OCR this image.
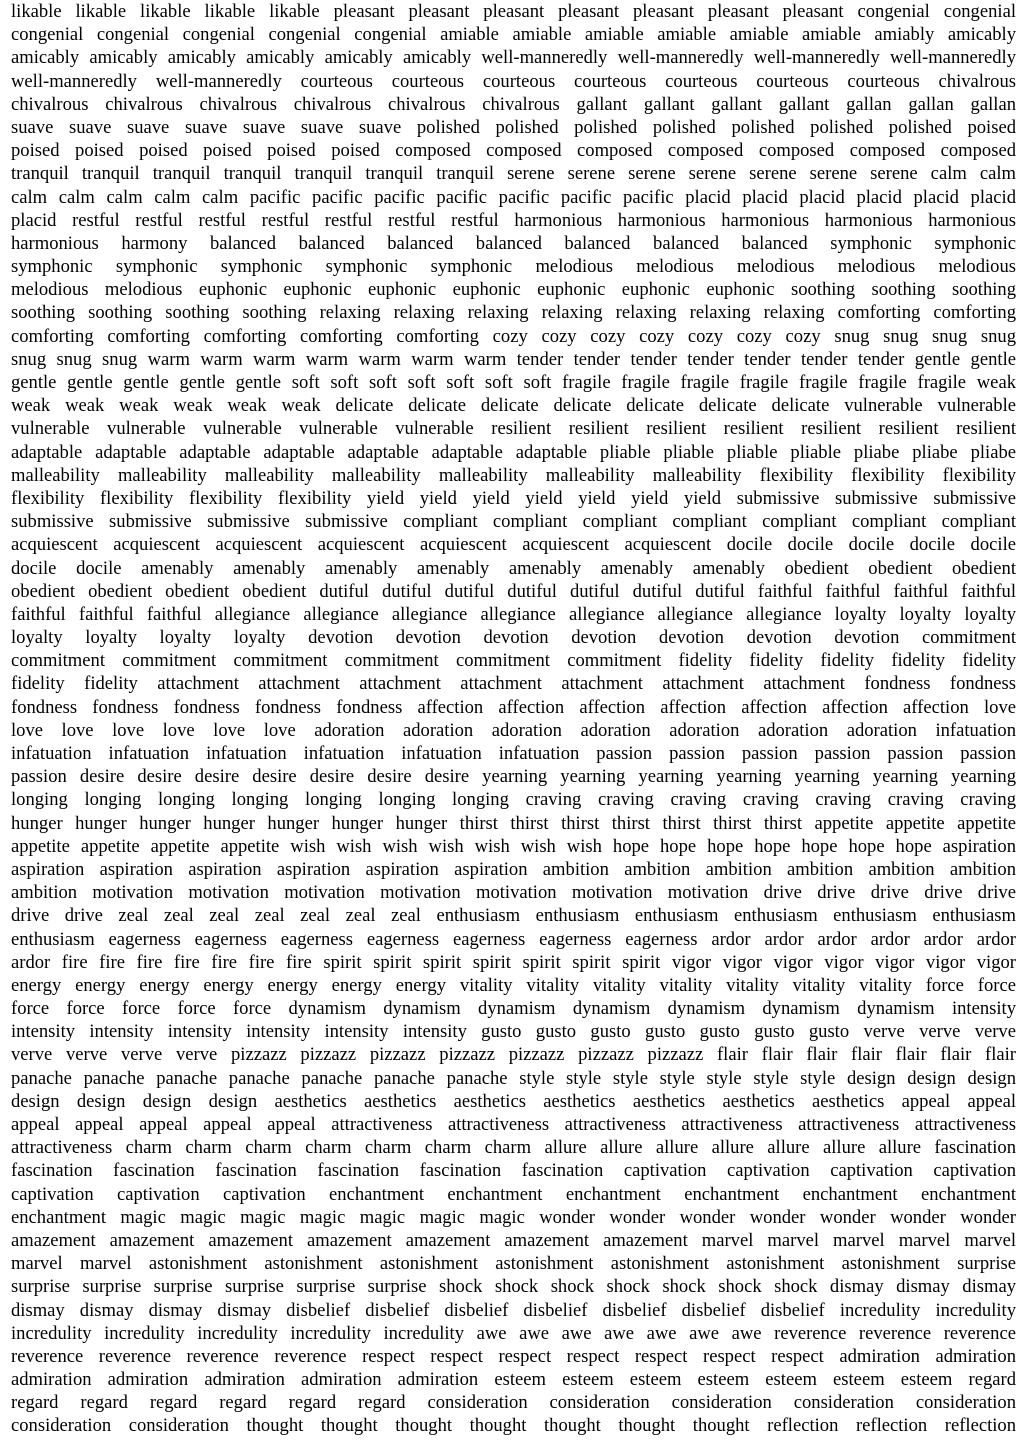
likable likable likable likable likable pleasant pleasant pleasant pleasant pleasant pleasant pleasant congenial congenial
congenial congenial congenial congenial congenial amiable amiable amiable amiable amiable amiable amiably amicably
amicably amicably amicably amicably amicably amicably well-manneredly well-manneredly well-manneredly well-manneredly
well-manneredly well-manneredly courteous courteous courteous courteous courteous courteous courteous chivalrous
chivalrous chivalrous chivalrous chivalrous chivalrous chivalrous gallant gallant gallant gallant gallan gallan gallan
suave suave suave suave suave suave suave polished polished polished polished polished polished polished poised
poised poised poised poised poised poised composed composed composed composed composed composed composed
tranquil tranquil tranquil tranquil tranquil tranquil tranquil serene serene serene serene serene serene serene calm calm
calm calm calm calm calm pacific pacific pacific pacific pacific pacific pacific placid placid placid placid placid placid
placid restful restful restful restful restful restful restful harmonious harmonious harmonious harmonious harmonious
harmonious harmony balanced balanced balanced balanced balanced balanced balanced symphonic symphonic
symphonic symphonic symphonic symphonic symphonic melodious melodious melodious melodious melodious
melodious melodious euphonic euphonic euphonic euphonic euphonic euphonic euphonic soothing soothing soothing
soothing soothing soothing soothing relaxing relaxing relaxing relaxing relaxing relaxing relaxing comforting comforting
comforting comforting comforting comforting comforting cozy cozy cozy cozy cozy cozy cozy snug snug snug snug
snug snug snug warm warm warm warm warm warm warm tender tender tender tender tender tender tender gentle gentle
gentle gentle gentle gentle gentle soft soft soft soft soft soft soft fragile fragile fragile fragile fragile fragile fragile weak
weak weak weak weak weak weak delicate delicate delicate delicate delicate delicate delicate vulnerable vulnerable
vulnerable vulnerable vulnerable vulnerable vulnerable resilient resilient resilient resilient resilient resilient resilient
adaptable adaptable adaptable adaptable adaptable adaptable adaptable pliable pliable pliable pliable pliabe pliabe pliabe
malleability malleability malleability malleability malleability malleability malleability flexibility flexibility flexibility
flexibility flexibility flexibility flexibility yield yield yield yield yield yield yield submissive submissive submissive
submissive submissive submissive submissive compliant compliant compliant compliant compliant compliant compliant
acquiescent acquiescent acquiescent acquiescent acquiescent acquiescent acquiescent docile docile docile docile docile
docile docile amenably amenably amenably amenably amenably amenably amenably obedient obedient obedient
obedient obedient obedient obedient dutiful dutiful dutiful dutiful dutiful dutiful dutiful faithful faithful faithful faithful
faithful faithful faithful allegiance allegiance allegiance allegiance allegiance allegiance allegiance loyalty loyalty loyalty
loyalty loyalty loyalty loyalty devotion devotion devotion devotion devotion devotion devotion commitment
commitment commitment commitment commitment commitment commitment fidelity fidelity fidelity fidelity fidelity
fidelity fidelity attachment attachment attachment attachment attachment attachment attachment fondness fondness
fondness fondness fondness fondness fondness affection affection affection affection affection affection affection love
love love love love love love adoration adoration adoration adoration adoration adoration adoration infatuation
infatuation infatuation infatuation infatuation infatuation infatuation passion passion passion passion passion passion
passion desire desire desire desire desire desire desire yearning yearning yearning yearning yearning yearning yearning
longing longing longing longing longing longing longing craving craving craving craving craving craving craving
hunger hunger hunger hunger hunger hunger hunger thirst thirst thirst thirst thirst thirst thirst appetite appetite appetite
appetite appetite appetite appetite wish wish wish wish wish wish wish hope hope hope hope hope hope hope aspiration
aspiration aspiration aspiration aspiration aspiration aspiration ambition ambition ambition ambition ambition ambition
ambition motivation motivation motivation motivation motivation motivation motivation drive drive drive drive drive
drive drive zeal zeal zeal zeal zeal zeal zeal enthusiasm enthusiasm enthusiasm enthusiasm enthusiasm enthusiasm
enthusiasm eagerness eagerness eagerness eagerness eagerness eagerness eagerness ardor ardor ardor ardor ardor ardor
ardor fire fire fire fire fire fire fire spirit spirit spirit spirit spirit spirit spirit vigor vigor vigor vigor vigor vigor vigor
energy energy energy energy energy energy energy vitality vitality vitality vitality vitality vitality vitality force force
force force force force force dynamism dynamism dynamism dynamism dynamism dynamism dynamism intensity
intensity intensity intensity intensity intensity intensity gusto gusto gusto gusto gusto gusto gusto verve verve verve
verve verve verve verve pizzazz pizzazz pizzazz pizzazz pizzazz pizzazz pizzazz flair flair flair flair flair flair flair
panache panache panache panache panache panache panache style style style style style style style design design design
design design design design aesthetics aesthetics aesthetics aesthetics aesthetics aesthetics aesthetics appeal appeal
appeal appeal appeal appeal appeal attractiveness attractiveness attractiveness attractiveness attractiveness attractiveness
attractiveness charm charm charm charm charm charm charm allure allure allure allure allure allure allure fascination
fascination fascination fascination fascination fascination fascination captivation captivation captivation captivation
captivation captivation captivation enchantment enchantment enchantment enchantment enchantment enchantment
enchantment magic magic magic magic magic magic magic wonder wonder wonder wonder wonder wonder wonder
amazement amazement amazement amazement amazement amazement amazement marvel marvel marvel marvel marvel
marvel marvel astonishment astonishment astonishment astonishment astonishment astonishment astonishment surprise
surprise surprise surprise surprise surprise surprise shock shock shock shock shock shock shock dismay dismay dismay
dismay dismay dismay dismay disbelief disbelief disbelief disbelief disbelief disbelief disbelief incredulity incredulity
incredulity incredulity incredulity incredulity incredulity awe awe awe awe awe awe awe reverence reverence reverence
reverence reverence reverence reverence respect respect respect respect respect respect respect admiration admiration
admiration admiration admiration admiration admiration esteem esteem esteem esteem esteem esteem esteem regard
regard regard regard regard regard regard consideration consideration consideration consideration consideration
consideration consideration thought thought thought thought thought thought thought reflection reflection reflection
